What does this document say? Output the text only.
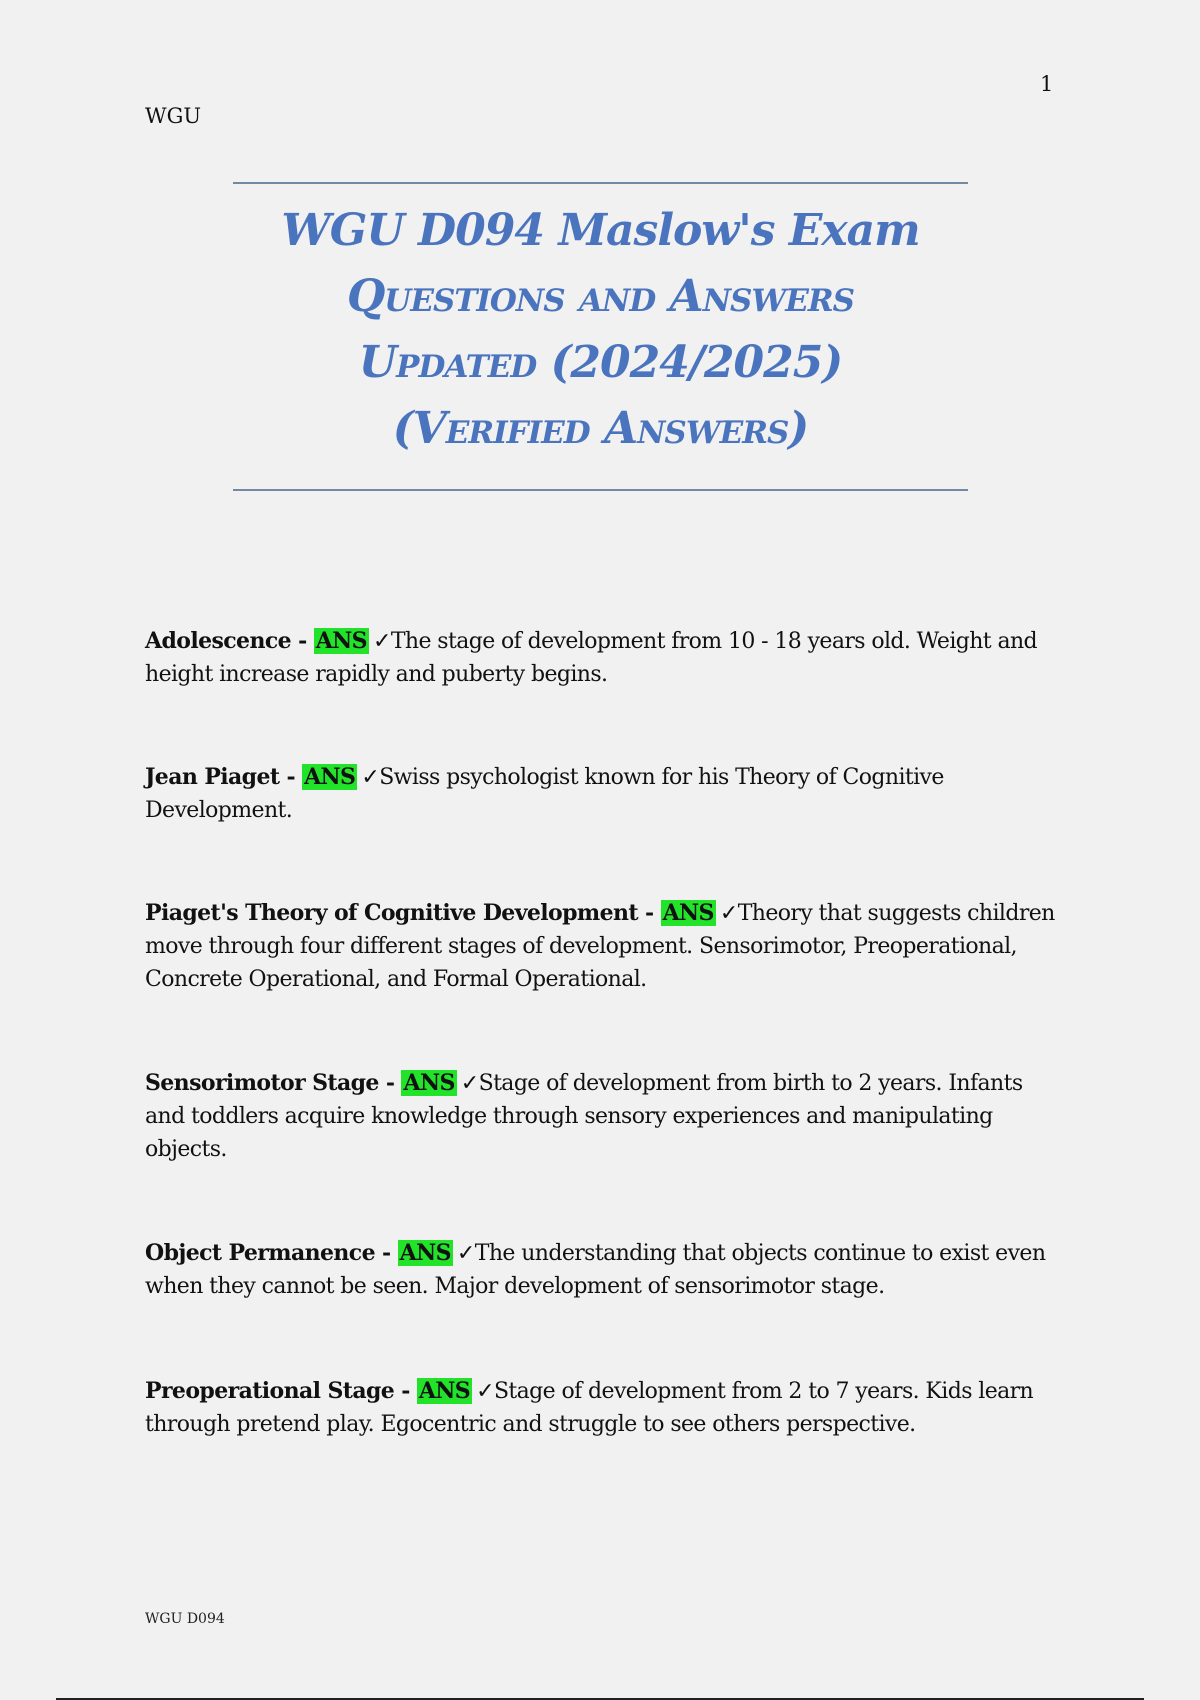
1
WGU
WGU D094 Maslow's Exam
Questions and Answers
Updated (2024/2025)
(Verified Answers)
Adolescence - ANS ✓The stage of development from 10 - 18 years old. Weight and height increase rapidly and puberty begins.
Jean Piaget - ANS ✓Swiss psychologist known for his Theory of Cognitive Development.
Piaget's Theory of Cognitive Development - ANS ✓Theory that suggests children move through four different stages of development. Sensorimotor, Preoperational, Concrete Operational, and Formal Operational.
Sensorimotor Stage - ANS ✓Stage of development from birth to 2 years. Infants and toddlers acquire knowledge through sensory experiences and manipulating objects.
Object Permanence - ANS ✓The understanding that objects continue to exist even when they cannot be seen. Major development of sensorimotor stage.
Preoperational Stage - ANS ✓Stage of development from 2 to 7 years. Kids learn through pretend play. Egocentric and struggle to see others perspective.
WGU D094
